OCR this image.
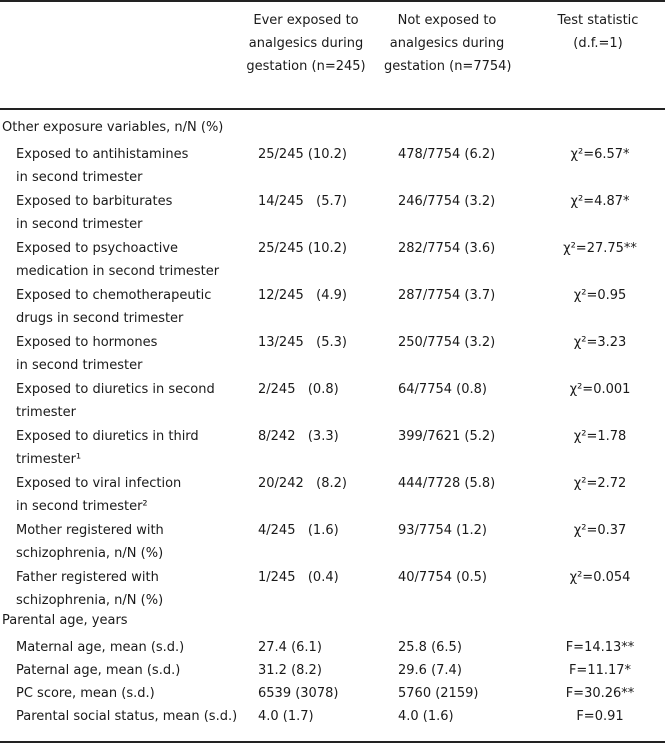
Ever exposed to
analgesics during
gestation (n=245)
Not exposed to
analgesics during
gestation (n=7754)
Test statistic
(d.f.=1)
Other exposure variables, n/N (%)
Exposed to antihistamines
in second trimester
25/245 (10.2)	478/7754 (6.2)	χ²=6.57*
Exposed to barbiturates
in second trimester
14/245   (5.7)	246/7754 (3.2)	χ²=4.87*
Exposed to psychoactive
medication in second trimester
25/245 (10.2)	282/7754 (3.6)	χ²=27.75**
Exposed to chemotherapeutic
drugs in second trimester
12/245   (4.9)	287/7754 (3.7)	χ²=0.95
Exposed to hormones
in second trimester
13/245   (5.3)	250/7754 (3.2)	χ²=3.23
Exposed to diuretics in second
trimester
2/245   (0.8)	64/7754 (0.8)	χ²=0.001
Exposed to diuretics in third
trimester¹
8/242   (3.3)	399/7621 (5.2)	χ²=1.78
Exposed to viral infection
in second trimester²
20/242   (8.2)	444/7728 (5.8)	χ²=2.72
Mother registered with
schizophrenia, n/N (%)
4/245   (1.6)	93/7754 (1.2)	χ²=0.37
Father registered with
schizophrenia, n/N (%)
1/245   (0.4)	40/7754 (0.5)	χ²=0.054
Parental age, years
Maternal age, mean (s.d.)	27.4 (6.1)	25.8 (6.5)	F=14.13**
Paternal age, mean (s.d.)	31.2 (8.2)	29.6 (7.4)	F=11.17*
PC score, mean (s.d.)	6539 (3078)	5760 (2159)	F=30.26**
Parental social status, mean (s.d.) 4.0 (1.7)	4.0 (1.6)	F=0.91
